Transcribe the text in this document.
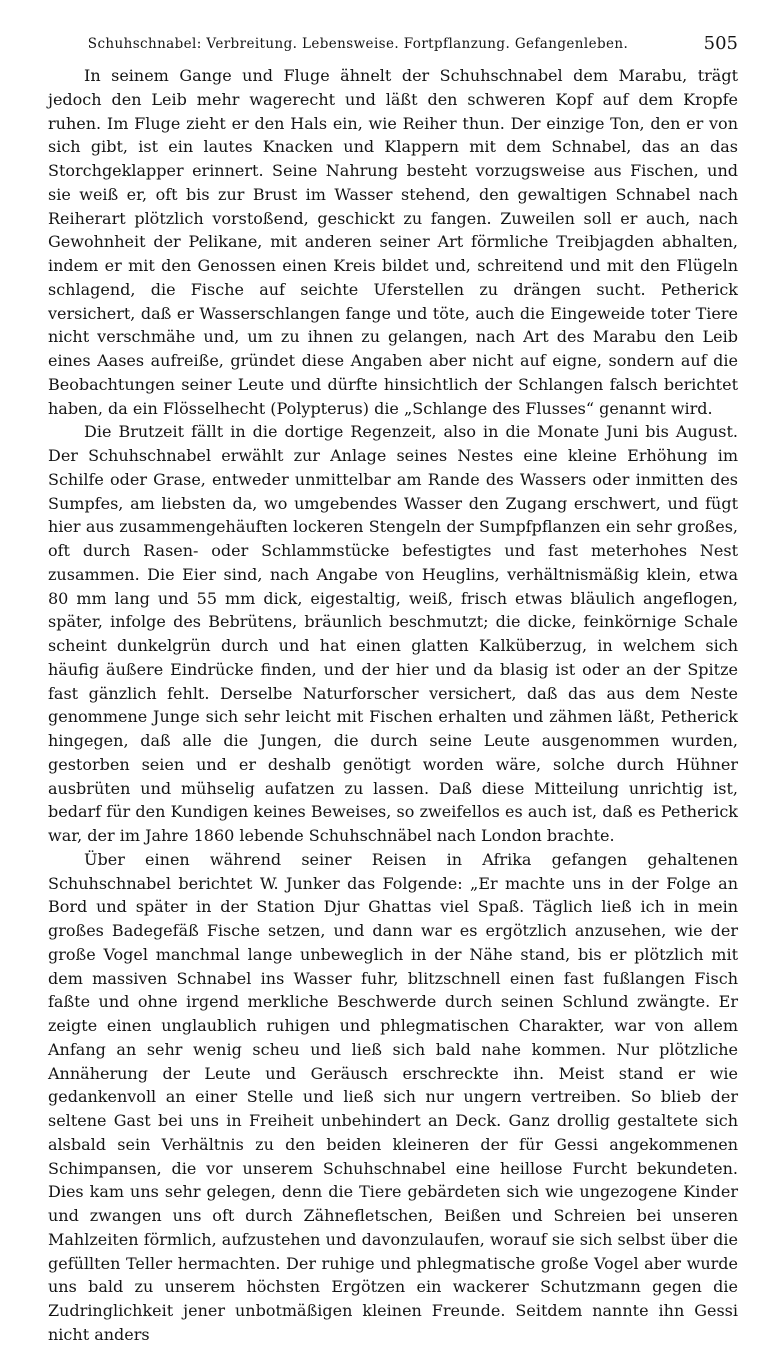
Schuhschnabel: Verbreitung. Lebensweise. Fortpflanzung. Gefangenleben.	505

In seinem Gange und Fluge ähnelt der Schuhschnabel dem Marabu, trägt jedoch den Leib mehr wagerecht und läßt den schweren Kopf auf dem Kropfe ruhen. Im Fluge zieht er den Hals ein, wie Reiher thun. Der einzige Ton, den er von sich gibt, ist ein lautes Knacken und Klappern mit dem Schnabel, das an das Storchgeklapper erinnert. Seine Nahrung besteht vorzugsweise aus Fischen, und sie weiß er, oft bis zur Brust im Wasser stehend, den gewaltigen Schnabel nach Reiherart plötzlich vorstoßend, geschickt zu fangen. Zuweilen soll er auch, nach Gewohnheit der Pelikane, mit anderen seiner Art förmliche Treibjagden abhalten, indem er mit den Genossen einen Kreis bildet und, schreitend und mit den Flügeln schlagend, die Fische auf seichte Uferstellen zu drängen sucht. Petherick versichert, daß er Wasserschlangen fange und töte, auch die Eingeweide toter Tiere nicht verschmähe und, um zu ihnen zu gelangen, nach Art des Marabu den Leib eines Aases aufreiße, gründet diese Angaben aber nicht auf eigne, sondern auf die Beobachtungen seiner Leute und dürfte hinsichtlich der Schlangen falsch berichtet haben, da ein Flösselhecht (Polypterus) die „Schlange des Flusses“ genannt wird.

Die Brutzeit fällt in die dortige Regenzeit, also in die Monate Juni bis August. Der Schuhschnabel erwählt zur Anlage seines Nestes eine kleine Erhöhung im Schilfe oder Grase, entweder unmittelbar am Rande des Wassers oder inmitten des Sumpfes, am liebsten da, wo umgebendes Wasser den Zugang erschwert, und fügt hier aus zusammengehäuften lockeren Stengeln der Sumpfpflanzen ein sehr großes, oft durch Rasen- oder Schlammstücke befestigtes und fast meterhohes Nest zusammen. Die Eier sind, nach Angabe von Heuglins, verhältnismäßig klein, etwa 80 mm lang und 55 mm dick, eigestaltig, weiß, frisch etwas bläulich angeflogen, später, infolge des Bebrütens, bräunlich beschmutzt; die dicke, feinkörnige Schale scheint dunkelgrün durch und hat einen glatten Kalküberzug, in welchem sich häufig äußere Eindrücke finden, und der hier und da blasig ist oder an der Spitze fast gänzlich fehlt. Derselbe Naturforscher versichert, daß das aus dem Neste genommene Junge sich sehr leicht mit Fischen erhalten und zähmen läßt, Petherick hingegen, daß alle die Jungen, die durch seine Leute ausgenommen wurden, gestorben seien und er deshalb genötigt worden wäre, solche durch Hühner ausbrüten und mühselig aufatzen zu lassen. Daß diese Mitteilung unrichtig ist, bedarf für den Kundigen keines Beweises, so zweifellos es auch ist, daß es Petherick war, der im Jahre 1860 lebende Schuhschnäbel nach London brachte.

Über einen während seiner Reisen in Afrika gefangen gehaltenen Schuhschnabel berichtet W. Junker das Folgende: „Er machte uns in der Folge an Bord und später in der Station Djur Ghattas viel Spaß. Täglich ließ ich in mein großes Badegefäß Fische setzen, und dann war es ergötzlich anzusehen, wie der große Vogel manchmal lange unbeweglich in der Nähe stand, bis er plötzlich mit dem massiven Schnabel ins Wasser fuhr, blitzschnell einen fast fußlangen Fisch faßte und ohne irgend merkliche Beschwerde durch seinen Schlund zwängte. Er zeigte einen unglaublich ruhigen und phlegmatischen Charakter, war von allem Anfang an sehr wenig scheu und ließ sich bald nahe kommen. Nur plötzliche Annäherung der Leute und Geräusch erschreckte ihn. Meist stand er wie gedankenvoll an einer Stelle und ließ sich nur ungern vertreiben. So blieb der seltene Gast bei uns in Freiheit unbehindert an Deck. Ganz drollig gestaltete sich alsbald sein Verhältnis zu den beiden kleineren der für Gessi angekommenen Schimpansen, die vor unserem Schuhschnabel eine heillose Furcht bekundeten. Dies kam uns sehr gelegen, denn die Tiere gebärdeten sich wie ungezogene Kinder und zwangen uns oft durch Zähnefletschen, Beißen und Schreien bei unseren Mahlzeiten förmlich, aufzustehen und davonzulaufen, worauf sie sich selbst über die gefüllten Teller hermachten. Der ruhige und phlegmatische große Vogel aber wurde uns bald zu unserem höchsten Ergötzen ein wackerer Schutzmann gegen die Zudringlichkeit jener unbotmäßigen kleinen Freunde. Seitdem nannte ihn Gessi nicht anders
